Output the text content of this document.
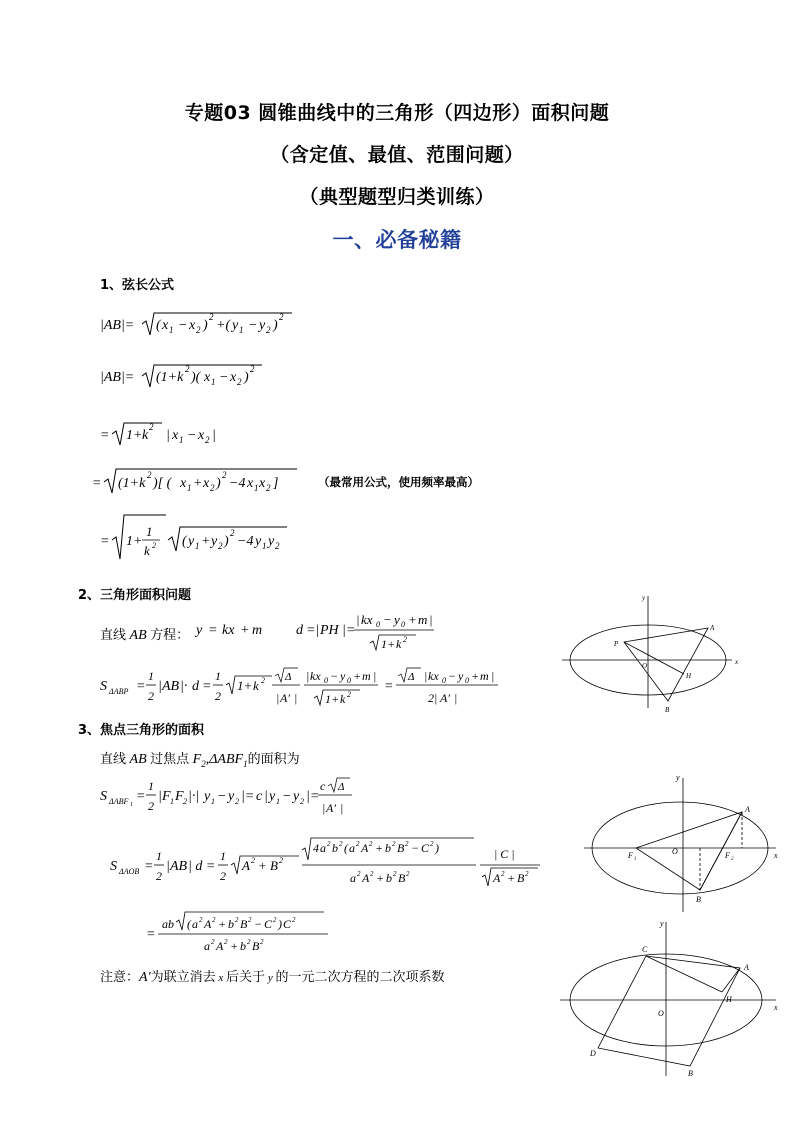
专题03 圆锥曲线中的三角形（四边形）面积问题
（含定值、最值、范围问题）
（典型题型归类训练）
一、必备秘籍
1、弦长公式
|AB|= ( x 1 − x 2 )
2
+( y 1 − y 2 )
2
|AB|= (1+k
2
)( x 1 − x 2 )
2
= 1+ k
2
| x 1 − x 2 |
= (1+k
2
)[ ( x 1 + x 2 )
2
−4 x 1 x 2 ]
= 1+
1
k 2 ( y 1 + y 2 )
2
−4 y 1 y 2
（最常用公式，使用频率最高）
2、三角形面积问题
直线 AB 方程： y = kx + m d =| PH |=
| kx 0 − y 0 + m |
1+ k 2
S ΔABP =
1
2
| AB |· d =
1
2
1+ k 2 Δ
| A′ |
| kx 0 − y 0 + m |
1+ k 2
=
Δ | kx 0 − y 0 + m |
2| A′ |
y
x
P
O
A
H
B
3、焦点三角形的面积
直线 AB 过焦点 $F_2,\Delta ABF_1$的面积为
S ΔABF 1
=
1
2
| F 1 F 2 |·| y 1 − y 2 |= c | y 1 − y 2 |=
c Δ
| A′ |
S ΔAOB =
1
2
| AB | d =
1
2
A 2 + B 2
4 a 2 b 2 ( a 2 A 2 + b 2 B 2 − C 2 )
a 2 A 2 + b 2 B 2
| C |
A 2 + B 2
=
ab ( a 2 A 2 + b 2 B 2 − C 2 ) C 2
a 2 A 2 + b 2 B 2
注意：A′为联立消去 x 后关于 y 的一元二次方程的二次项系数
y
x
A
F 1
O	F 2
B
y
x
C
A
H
O
D
B
